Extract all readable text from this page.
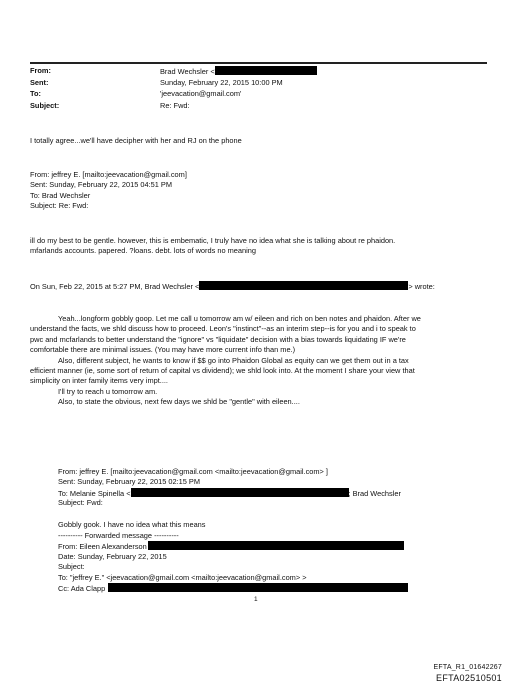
From:	Brad Wechsler <
Sent:	Sunday, February 22, 2015 10:00 PM
To:	'jeevacation@gmail.com'
Subject:	Re: Fwd:
I totally agree...we'll have decipher with her and RJ on the phone
From: jeffrey E. [mailto:jeevacation@gmail.com]
Sent: Sunday, February 22, 2015 04:51 PM
To: Brad Wechsler
Subject: Re: Fwd:
ill do my best to be gentle. however, this is embematic, I truly have no idea what she is talking about re phaidon.
mfarlands accounts. papered. ?loans. debt. lots of words no meaning
On Sun, Feb 22, 2015 at 5:27 PM, Brad Wechsler <	> wrote:
Yeah...longform gobbly goop. Let me call u tomorrow am w/ eileen and rich on ben notes and phaidon. After we
understand the facts, we shld discuss how to proceed. Leon's "instinct"--as an interim step--is for you and i to speak to
pwc and mcfarlands to better understand the "ignore" vs "liquidate" decision with a bias towards liquidating IF we're
comfortable there are minimal issues. (You may have more current info than me.)
Also, different subject, he wants to know if $$ go into Phaidon Global as equity can we get them out in a tax
efficient manner (ie, some sort of return of capital vs dividend); we shld look into. At the moment I share your view that
simplicity on inter family items very impt....
I'll try to reach u tomorrow am.
Also, to state the obvious, next few days we shld be "gentle" with eileen....
From: jeffrey E. [mailto:jeevacation@gmail.com <mailto:jeevacation@gmail.com> ]
Sent: Sunday, February 22, 2015 02:15 PM
To: Melanie Spinella <	; Brad Wechsler
Subject: Fwd:
Gobbly gook. I have no idea what this means
---------- Forwarded message ----------
From: Eileen Alexanderson
Date: Sunday, February 22, 2015
Subject:
To: "jeffrey E." <jeevacation@gmail.com <mailto:jeevacation@gmail.com> >
Cc: Ada Clapp
1
EFTA_R1_01642267
EFTA02510501
